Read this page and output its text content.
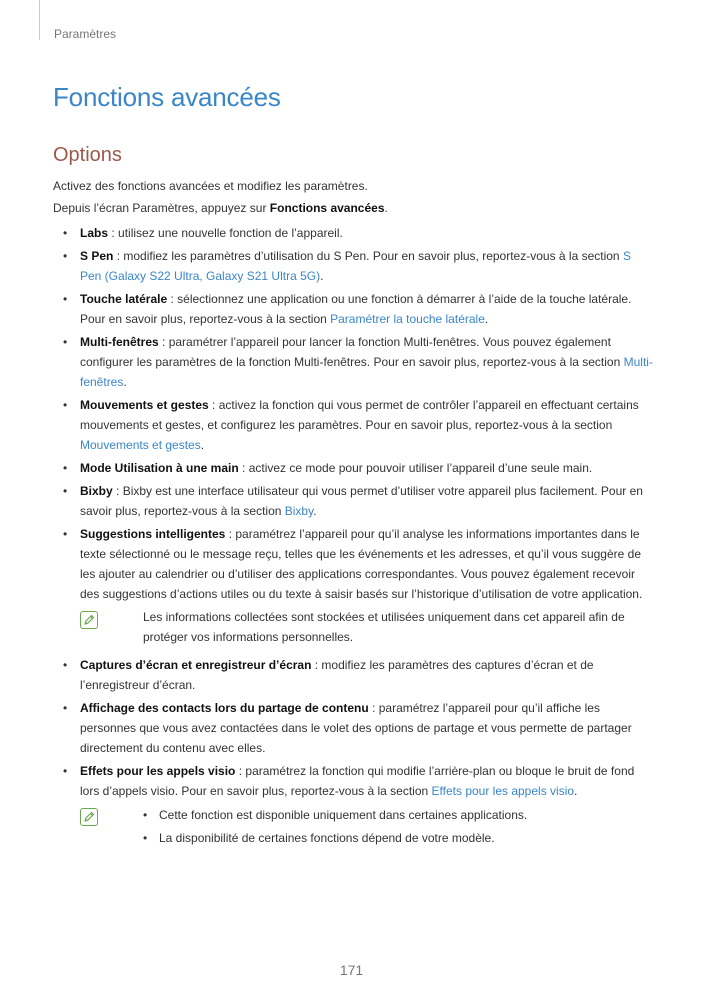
Paramètres
Fonctions avancées
Options

Activez des fonctions avancées et modifiez les paramètres.

Depuis l’écran Paramètres, appuyez sur Fonctions avancées.

• Labs : utilisez une nouvelle fonction de l’appareil.
• S Pen : modifiez les paramètres d’utilisation du S Pen. Pour en savoir plus, reportez-vous à la section S Pen (Galaxy S22 Ultra, Galaxy S21 Ultra 5G).
• Touche latérale : sélectionnez une application ou une fonction à démarrer à l’aide de la touche latérale. Pour en savoir plus, reportez-vous à la section Paramétrer la touche latérale.
• Multi-fenêtres : paramétrer l’appareil pour lancer la fonction Multi-fenêtres. Vous pouvez également configurer les paramètres de la fonction Multi-fenêtres. Pour en savoir plus, reportez-vous à la section Multi-fenêtres.
• Mouvements et gestes : activez la fonction qui vous permet de contrôler l’appareil en effectuant certains mouvements et gestes, et configurez les paramètres. Pour en savoir plus, reportez-vous à la section Mouvements et gestes.
• Mode Utilisation à une main : activez ce mode pour pouvoir utiliser l’appareil d’une seule main.
• Bixby : Bixby est une interface utilisateur qui vous permet d’utiliser votre appareil plus facilement. Pour en savoir plus, reportez-vous à la section Bixby.
• Suggestions intelligentes : paramétrez l’appareil pour qu’il analyse les informations importantes dans le texte sélectionné ou le message reçu, telles que les événements et les adresses, et qu’il vous suggère de les ajouter au calendrier ou d’utiliser des applications correspondantes. Vous pouvez également recevoir des suggestions d’actions utiles ou du texte à saisir basés sur l’historique d’utilisation de votre application.
Les informations collectées sont stockées et utilisées uniquement dans cet appareil afin de protéger vos informations personnelles.
• Captures d’écran et enregistreur d’écran : modifiez les paramètres des captures d’écran et de l’enregistreur d’écran.
• Affichage des contacts lors du partage de contenu : paramétrez l’appareil pour qu’il affiche les personnes que vous avez contactées dans le volet des options de partage et vous permette de partager directement du contenu avec elles.
• Effets pour les appels visio : paramétrez la fonction qui modifie l’arrière-plan ou bloque le bruit de fond lors d’appels visio. Pour en savoir plus, reportez-vous à la section Effets pour les appels visio.
• Cette fonction est disponible uniquement dans certaines applications.
• La disponibilité de certaines fonctions dépend de votre modèle.
171
